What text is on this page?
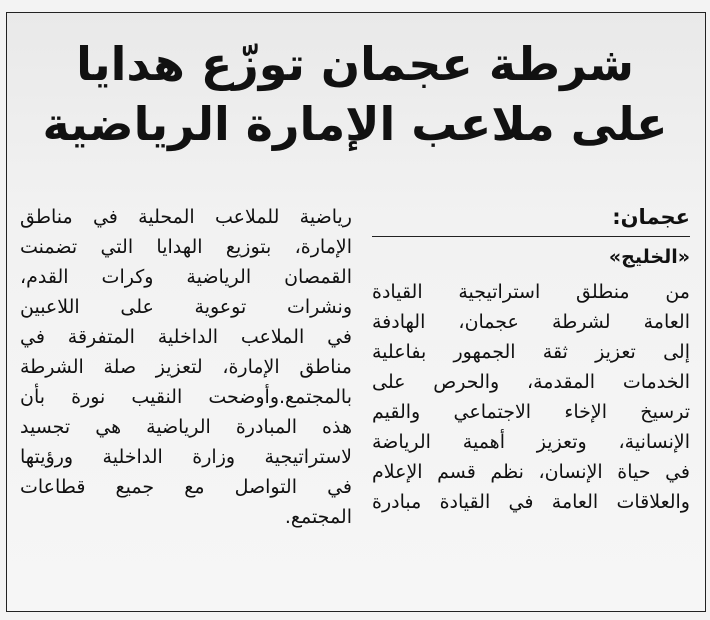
شرطة عجمان توزّع هدايا
على ملاعب الإمارة الرياضية
عجمان:
«الخليج»
من منطلق استراتيجية القيادة
العامة لشرطة عجمان، الهادفة
إلى تعزيز ثقة الجمهور بفاعلية
الخدمات المقدمة، والحرص على
ترسيخ الإخاء الاجتماعي والقيم
الإنسانية، وتعزيز أهمية الرياضة
في حياة الإنسان، نظم قسم الإعلام
والعلاقات العامة في القيادة مبادرة
رياضية للملاعب المحلية في مناطق
الإمارة، بتوزيع الهدايا التي تضمنت
القمصان الرياضية وكرات القدم،
ونشرات توعوية على اللاعبين
في الملاعب الداخلية المتفرقة في
مناطق الإمارة، لتعزيز صلة الشرطة
بالمجتمع.وأوضحت النقيب نورة بأن
هذه المبادرة الرياضية هي تجسيد
لاستراتيجية وزارة الداخلية ورؤيتها
في التواصل مع جميع قطاعات
المجتمع.
